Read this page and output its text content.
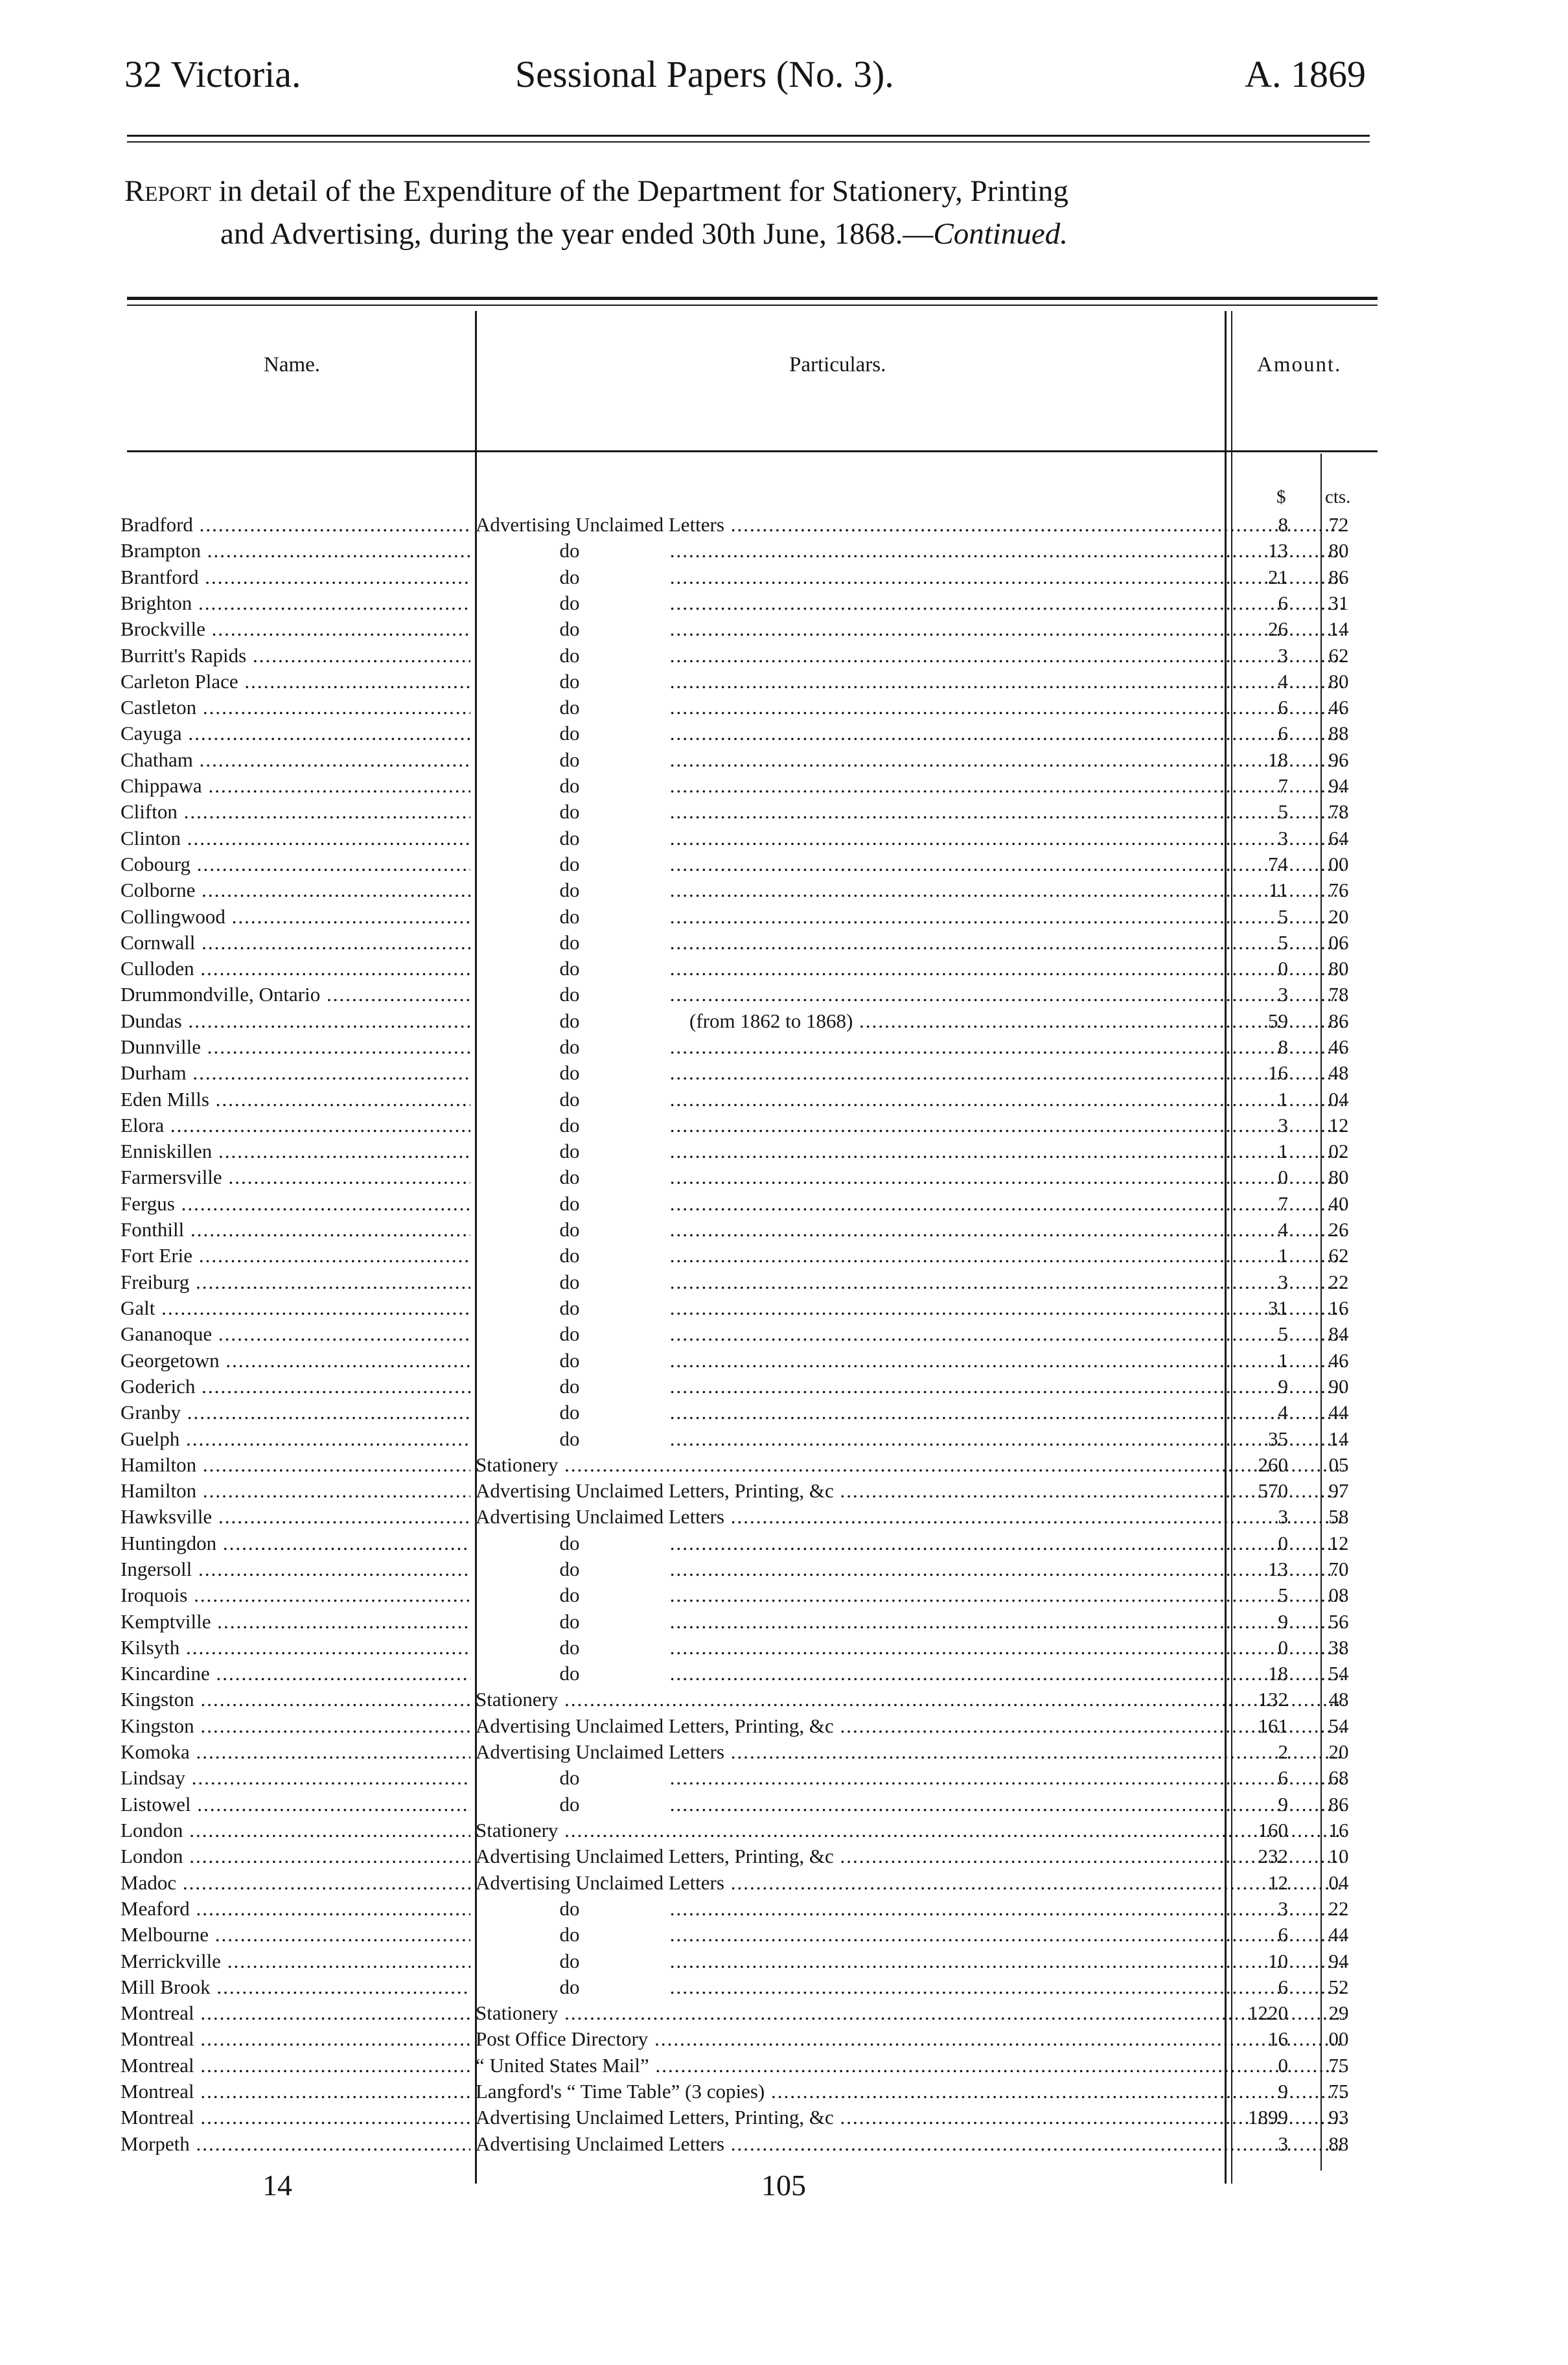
32 Victoria.	Sessional Papers (No. 3).	A. 1869
Report in detail of the Expenditure of the Department for Stationery, Printing
and Advertising, during the year ended 30th June, 1868.—Continued.
Name.	Particulars.	Amount.
$ cts.
Bradford .....	Advertising Unclaimed Letters .....	8	72
Brampton .....	do .....	13	80
Brantford .....	do .....	21	86
Brighton .....	do .....	6	31
Brockville .....	do .....	26	14
Burritt's Rapids .....	do .....	3	62
Carleton Place .....	do .....	4	80
Castleton .....	do .....	6	46
Cayuga .....	do .....	6	88
Chatham .....	do .....	18	96
Chippawa .....	do .....	7	94
Clifton .....	do .....	5	78
Clinton .....	do .....	3	64
Cobourg .....	do .....	74	00
Colborne .....	do .....	11	76
Collingwood .....	do .....	5	20
Cornwall .....	do .....	5	06
Culloden .....	do .....	0	80
Drummondville, Ontario .....	do .....	3	78
Dundas .....	do	(from 1862 to 1868) .....	59	86
Dunnville .....	do .....	8	46
Durham .....	do .....	16	48
Eden Mills .....	do .....	1	04
Elora .....	do .....	3	12
Enniskillen .....	do .....	1	02
Farmersville .....	do .....	0	80
Fergus .....	do .....	7	40
Fonthill .....	do .....	4	26
Fort Erie .....	do .....	1	62
Freiburg .....	do .....	3	22
Galt .....	do .....	31	16
Gananoque .....	do .....	5	84
Georgetown .....	do .....	1	46
Goderich .....	do .....	9	90
Granby .....	do .....	4	44
Guelph .....	do .....	35	14
Hamilton .....	Stationery .....	260	05
Hamilton .....	Advertising Unclaimed Letters, Printing, &c .....	570	97
Hawksville .....	Advertising Unclaimed Letters .....	3	58
Huntingdon .....	do .....	0	12
Ingersoll .....	do .....	13	70
Iroquois .....	do .....	5	08
Kemptville .....	do .....	9	56
Kilsyth .....	do .....	0	38
Kincardine .....	do .....	18	54
Kingston .....	Stationery .....	132	48
Kingston .....	Advertising Unclaimed Letters, Printing, &c .....	161	54
Komoka .....	Advertising Unclaimed Letters .....	2	20
Lindsay .....	do .....	6	68
Listowel .....	do .....	9	86
London .....	Stationery .....	160	16
London .....	Advertising Unclaimed Letters, Printing, &c .....	232	10
Madoc .....	Advertising Unclaimed Letters .....	12	04
Meaford .....	do .....	3	22
Melbourne .....	do .....	6	44
Merrickville .....	do .....	10	94
Mill Brook .....	do .....	6	52
Montreal .....	Stationery .....	1220	29
Montreal .....	Post Office Directory .....	16	00
Montreal .....	“ United States Mail” .....	0	75
Montreal .....	Langford's “ Time Table” (3 copies) .....	9	75
Montreal .....	Advertising Unclaimed Letters, Printing, &c .....	1899	93
Morpeth .....	Advertising Unclaimed Letters .....	3	88
14	105
